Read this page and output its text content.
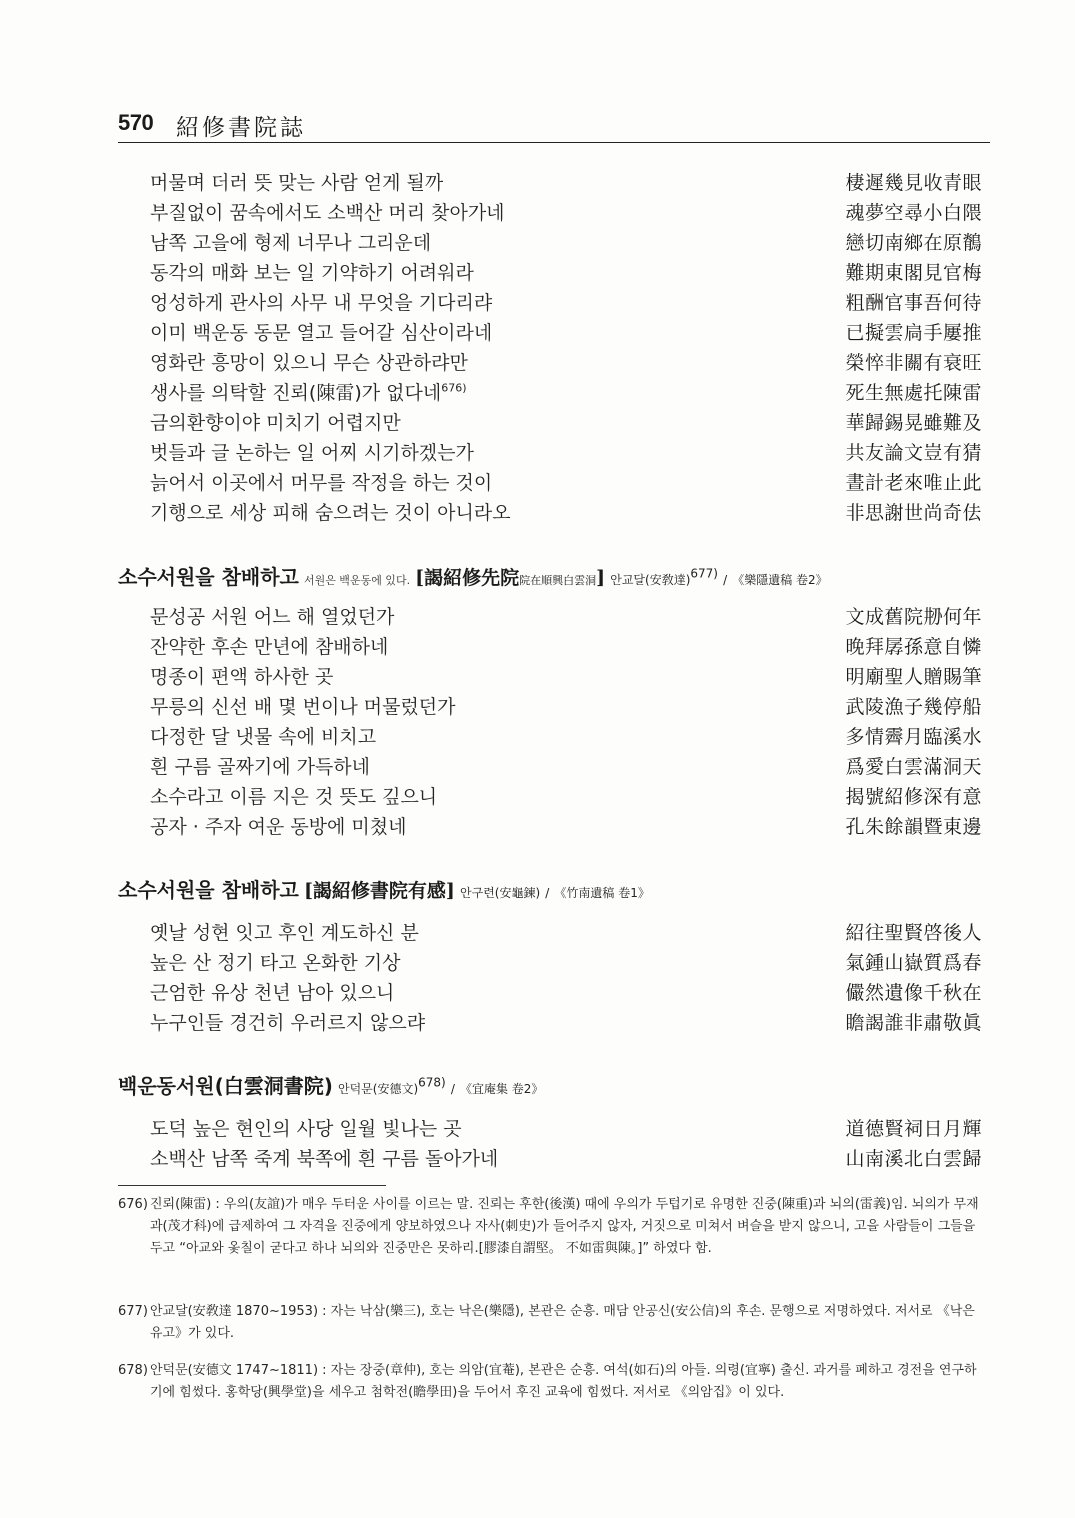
570 紹修書院誌
머물며 더러 뜻 맞는 사람 얻게 될까	棲遲幾見收青眼
부질없이 꿈속에서도 소백산 머리 찾아가네	魂夢空尋小白隈
남쪽 고을에 형제 너무나 그리운데	戀切南鄉在原鶺
동각의 매화 보는 일 기약하기 어려워라	難期東閣見官梅
엉성하게 관사의 사무 내 무엇을 기다리랴	粗酬官事吾何待
이미 백운동 동문 열고 들어갈 심산이라네	已擬雲扃手屢推
영화란 흥망이 있으니 무슨 상관하랴만	榮悴非關有衰旺
생사를 의탁할 진뢰(陳雷)가 없다네$^{676)}$	死生無處托陳雷
금의환향이야 미치기 어렵지만	華歸錫晃雖難及
벗들과 글 논하는 일 어찌 시기하겠는가	共友論文豈有猜
늙어서 이곳에서 머무를 작정을 하는 것이	晝計老來唯止此
기행으로 세상 피해 숨으려는 것이 아니라오	非思謝世尚奇佉
소수서원을 참배하고 서원은 백운동에 있다. [謁紹修先院院在順興白雲洞] 안교달(安敎達)$^{677)}$ / 《樂隱遺稿 卷2》
문성공 서원 어느 해 열었던가	文成舊院刱何年
잔약한 후손 만년에 참배하네	晚拜孱孫意自憐
명종이 편액 하사한 곳	明廟聖人贈賜筆
무릉의 신선 배 몇 번이나 머물렀던가	武陵漁子幾停船
다정한 달 냇물 속에 비치고	多情霽月臨溪水
흰 구름 골짜기에 가득하네	爲愛白雲滿洞天
소수라고 이름 지은 것 뜻도 깊으니	揭號紹修深有意
공자 · 주자 여운 동방에 미쳤네	孔朱餘韻暨東邊
소수서원을 참배하고 [謁紹修書院有感] 안구련(安龜鍊) / 《竹南遺稿 卷1》
옛날 성현 잇고 후인 계도하신 분	紹往聖賢啓後人
높은 산 정기 타고 온화한 기상	氣鍾山嶽質爲春
근엄한 유상 천년 남아 있으니	儼然遺像千秋在
누구인들 경건히 우러르지 않으랴	瞻謁誰非肅敬眞
백운동서원(白雲洞書院) 안덕문(安德文)$^{678)}$ / 《宜庵集 卷2》
도덕 높은 현인의 사당 일월 빛나는 곳	道德賢祠日月輝
소백산 남쪽 죽계 북쪽에 흰 구름 돌아가네	山南溪北白雲歸
676) 진뢰(陳雷) : 우의(友誼)가 매우 두터운 사이를 이르는 말. 진뢰는 후한(後漢) 때에 우의가 두텁기로 유명한 진중(陳重)과 뇌의(雷義)임. 뇌의가 무재과(茂才科)에 급제하여 그 자격을 진중에게 양보하였으나 자사(刺史)가 들어주지 않자, 거짓으로 미쳐서 벼슬을 받지 않으니, 고을 사람들이 그들을 두고 “아교와 옻칠이 굳다고 하나 뇌의와 진중만은 못하리.[膠漆自謂堅。 不如雷與陳。]” 하였다 함.
677) 안교달(安敎達 1870~1953) : 자는 낙삼(樂三), 호는 낙은(樂隱), 본관은 순흥. 매담 안공신(安公信)의 후손. 문행으로 저명하였다. 저서로 《낙은유고》가 있다.
678) 안덕문(安德文 1747~1811) : 자는 장중(章仲), 호는 의암(宜菴), 본관은 순흥. 여석(如石)의 아들. 의령(宜寧) 출신. 과거를 폐하고 경전을 연구하기에 힘썼다. 홍학당(興學堂)을 세우고 첨학전(瞻學田)을 두어서 후진 교육에 힘썼다. 저서로 《의암집》이 있다.
